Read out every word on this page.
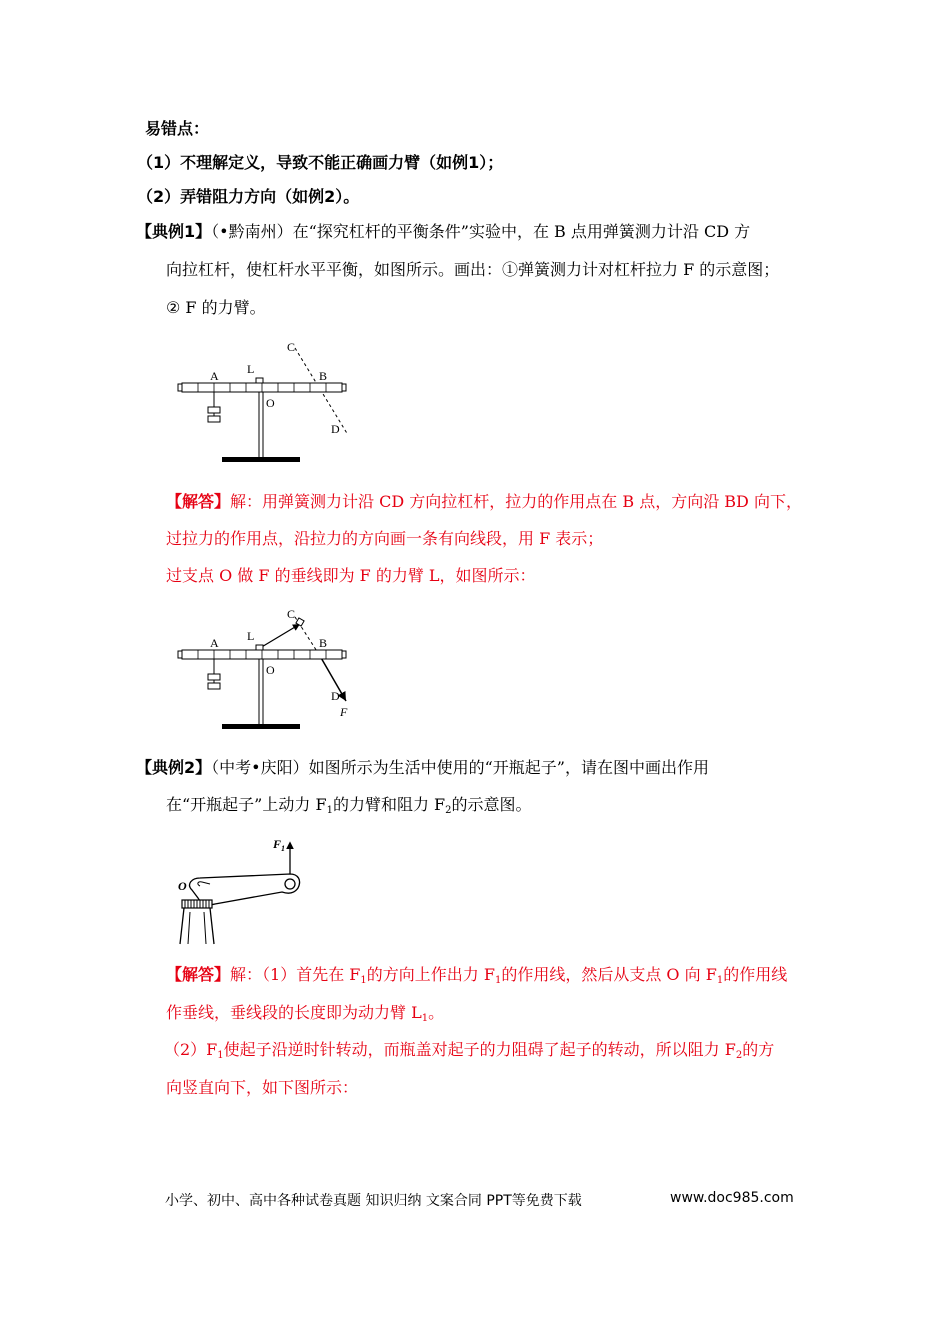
易错点：
（1）不理解定义，导致不能正确画力臂（如例1）；
（2）弄错阻力方向（如例2）。
【典例1】（•黔南州）在“探究杠杆的平衡条件”实验中，在 B 点用弹簧测力计沿 CD 方
向拉杠杆，使杠杆水平平衡，如图所示。画出：①弹簧测力计对杠杆拉力 F 的示意图；
② F 的力臂。
A L
O
C
B
D
【解答】解：用弹簧测力计沿 CD 方向拉杠杆，拉力的作用点在 B 点，方向沿 BD 向下，
过拉力的作用点，沿拉力的方向画一条有向线段，用 F 表示；
过支点 O 做 F 的垂线即为 F 的力臂 L，如图所示：
A L
O
C
B
D
F
【典例2】（中考•庆阳）如图所示为生活中使用的“开瓶起子”，请在图中画出作用
在“开瓶起子”上动力 $F_1$的力臂和阻力 $F_2$的示意图。
$F_1$
O
【解答】解：（1）首先在 $F_1$的方向上作出力 $F_1$的作用线，然后从支点 O 向 $F_1$的作用线
作垂线，垂线段的长度即为动力臂 $L_1$。
$(2)F_1$使起子沿逆时针转动，而瓶盖对起子的力阻碍了起子的转动，所以阻力 $F_2$的方
向竖直向下，如下图所示：
小学、初中、高中各种试卷真题 知识归纳 文案合同 PPT等免费下载	www.doc985.com
